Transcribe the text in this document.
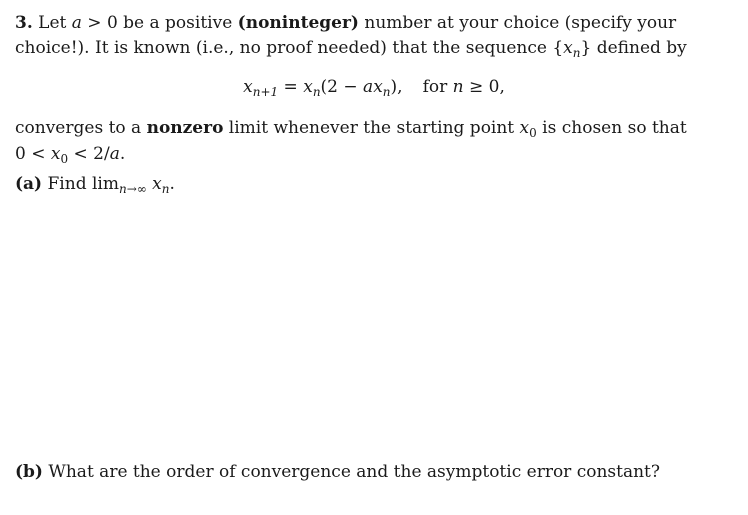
3. Let a > 0 be a positive (noninteger) number at your choice (specify your
choice!). It is known (i.e., no proof needed) that the sequence $\{x_n\}$ defined by
$x_{n+1} = x_n(2 - ax_n)$, for n ≥ 0,
converges to a nonzero limit whenever the starting point $x_0$ is chosen so that
$0 < x_0 < 2/a$.
(a) Find $\lim_{n\to\infty} x_n$.
(b) What are the order of convergence and the asymptotic error constant?
